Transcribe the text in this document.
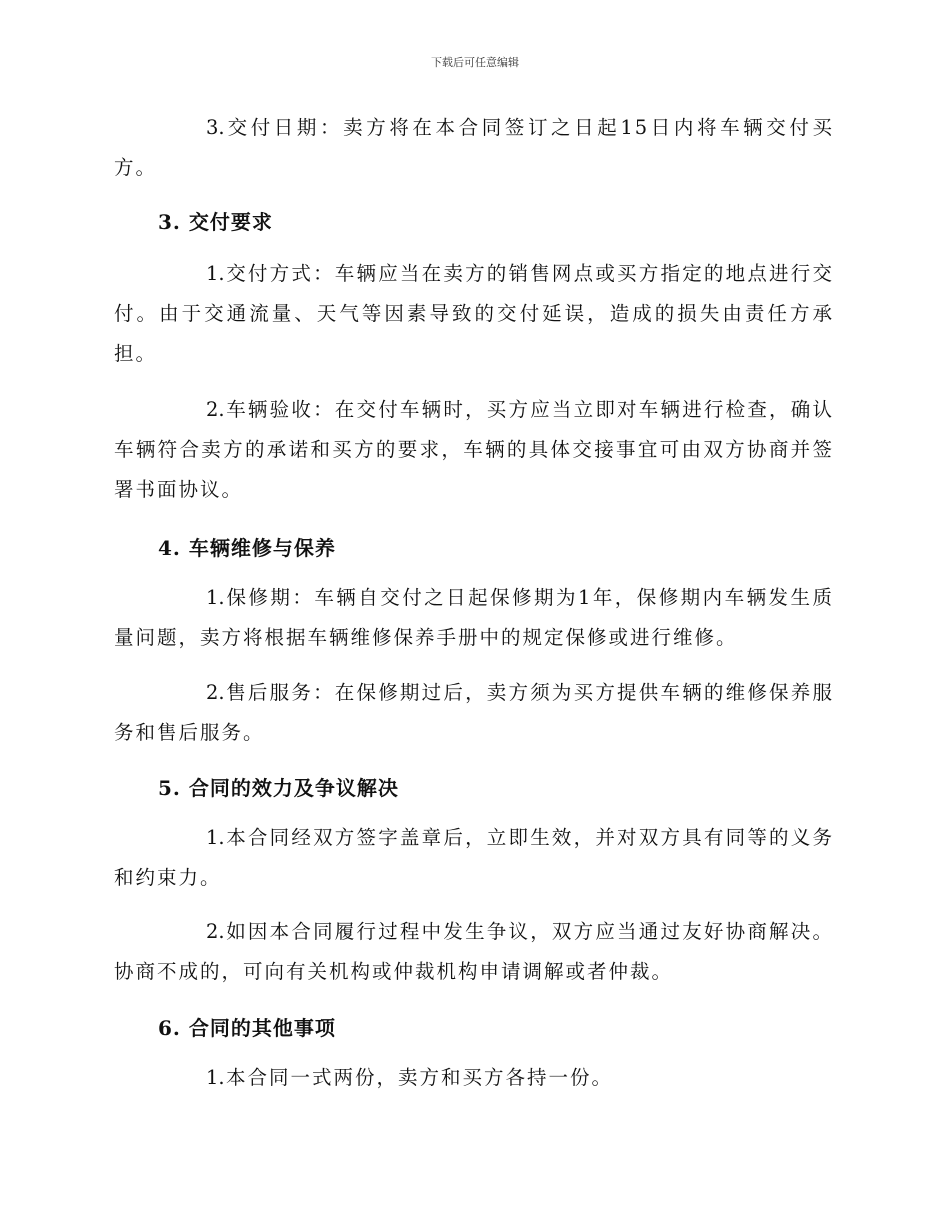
下载后可任意编辑
3.交付日期：卖方将在本合同签订之日起15日内将车辆交付买方。
3. 交付要求
1.交付方式：车辆应当在卖方的销售网点或买方指定的地点进行交付。由于交通流量、天气等因素导致的交付延误，造成的损失由责任方承担。
2.车辆验收：在交付车辆时，买方应当立即对车辆进行检查，确认车辆符合卖方的承诺和买方的要求，车辆的具体交接事宜可由双方协商并签署书面协议。
4. 车辆维修与保养
1.保修期：车辆自交付之日起保修期为1年，保修期内车辆发生质量问题，卖方将根据车辆维修保养手册中的规定保修或进行维修。
2.售后服务：在保修期过后，卖方须为买方提供车辆的维修保养服务和售后服务。
5. 合同的效力及争议解决
1.本合同经双方签字盖章后，立即生效，并对双方具有同等的义务和约束力。
2.如因本合同履行过程中发生争议，双方应当通过友好协商解决。协商不成的，可向有关机构或仲裁机构申请调解或者仲裁。
6. 合同的其他事项
1.本合同一式两份，卖方和买方各持一份。
